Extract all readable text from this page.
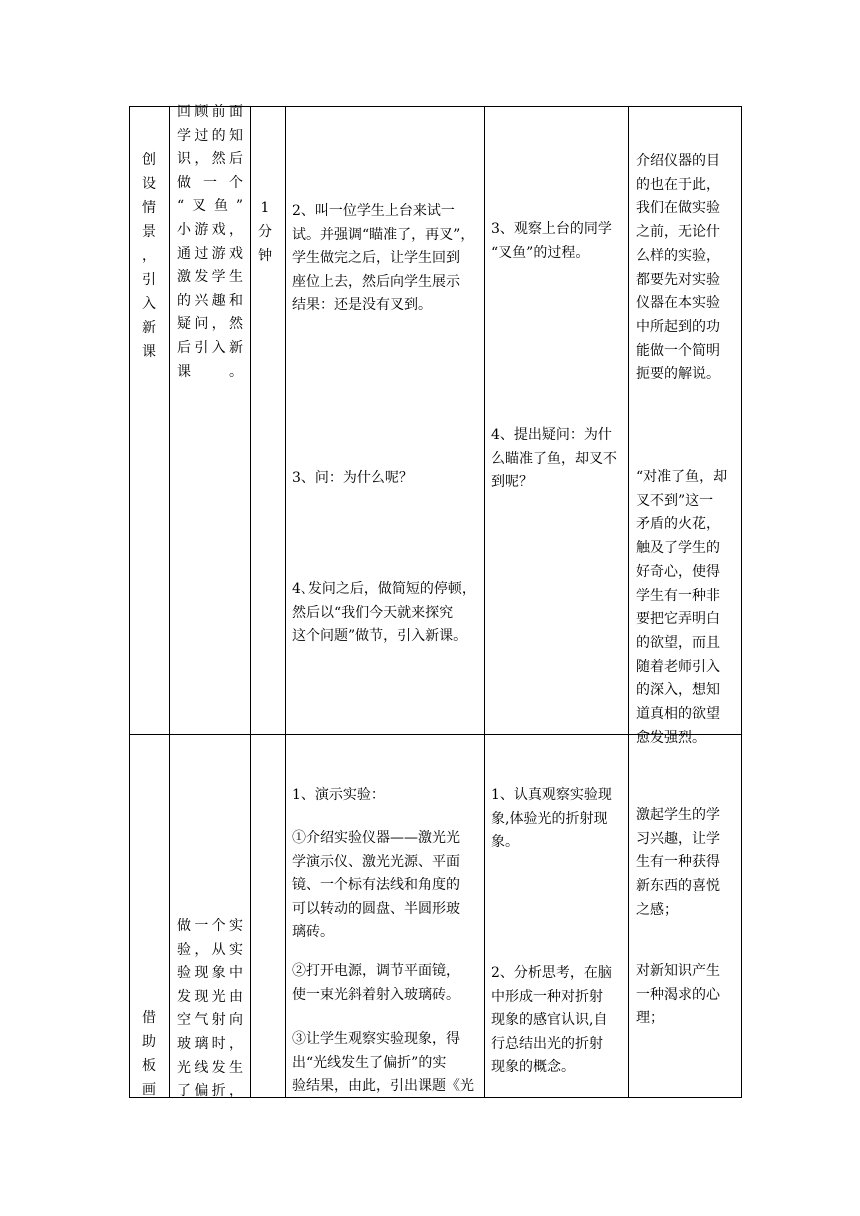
创
设
情
景
，
引
入
新
课
回顾前面
学过的知
识，然后
做 一 个
“叉鱼”
小游戏，
通过游戏
激发学生
的兴趣和
疑问，然
后引入新
课。
1
分
钟
2、叫一位学生上台来试一
试。并强调“瞄准了，再叉”，
学生做完之后，让学生回到
座位上去，然后向学生展示
结果：还是没有叉到。
3、问：为什么呢？
4､发问之后，做简短的停顿，
然后以“我们今天就来探究
这个问题”做节，引入新课。
3、观察上台的同学
“叉鱼”的过程。
4、提出疑问：为什
么瞄准了鱼，却叉不
到呢？
介绍仪器的目
的也在于此，
我们在做实验
之前，无论什
么样的实验，
都要先对实验
仪器在本实验
中所起到的功
能做一个简明
扼要的解说。
“对准了鱼，却
叉不到”这一
矛盾的火花，
触及了学生的
好奇心，使得
学生有一种非
要把它弄明白
的欲望，而且
随着老师引入
的深入，想知
道真相的欲望
愈发强烈。
借
助
板
画
做一个实
验，从实
验现象中
发现光由
空气射向
玻璃时，
光线发生
了偏折，
1、演示实验：
①介绍实验仪器——激光光
学演示仪、激光光源、平面
镜、一个标有法线和角度的
可以转动的圆盘、半圆形玻
璃砖。
②打开电源，调节平面镜，
使一束光斜着射入玻璃砖。
③让学生观察实验现象，得
出“光线发生了偏折”的实
验结果，由此，引出课题《光
1、认真观察实验现
象,体验光的折射现
象。
2、分析思考，在脑
中形成一种对折射
现象的感官认识,自
行总结出光的折射
现象的概念。
激起学生的学
习兴趣，让学
生有一种获得
新东西的喜悦
之感；
对新知识产生
一种渴求的心
理；
